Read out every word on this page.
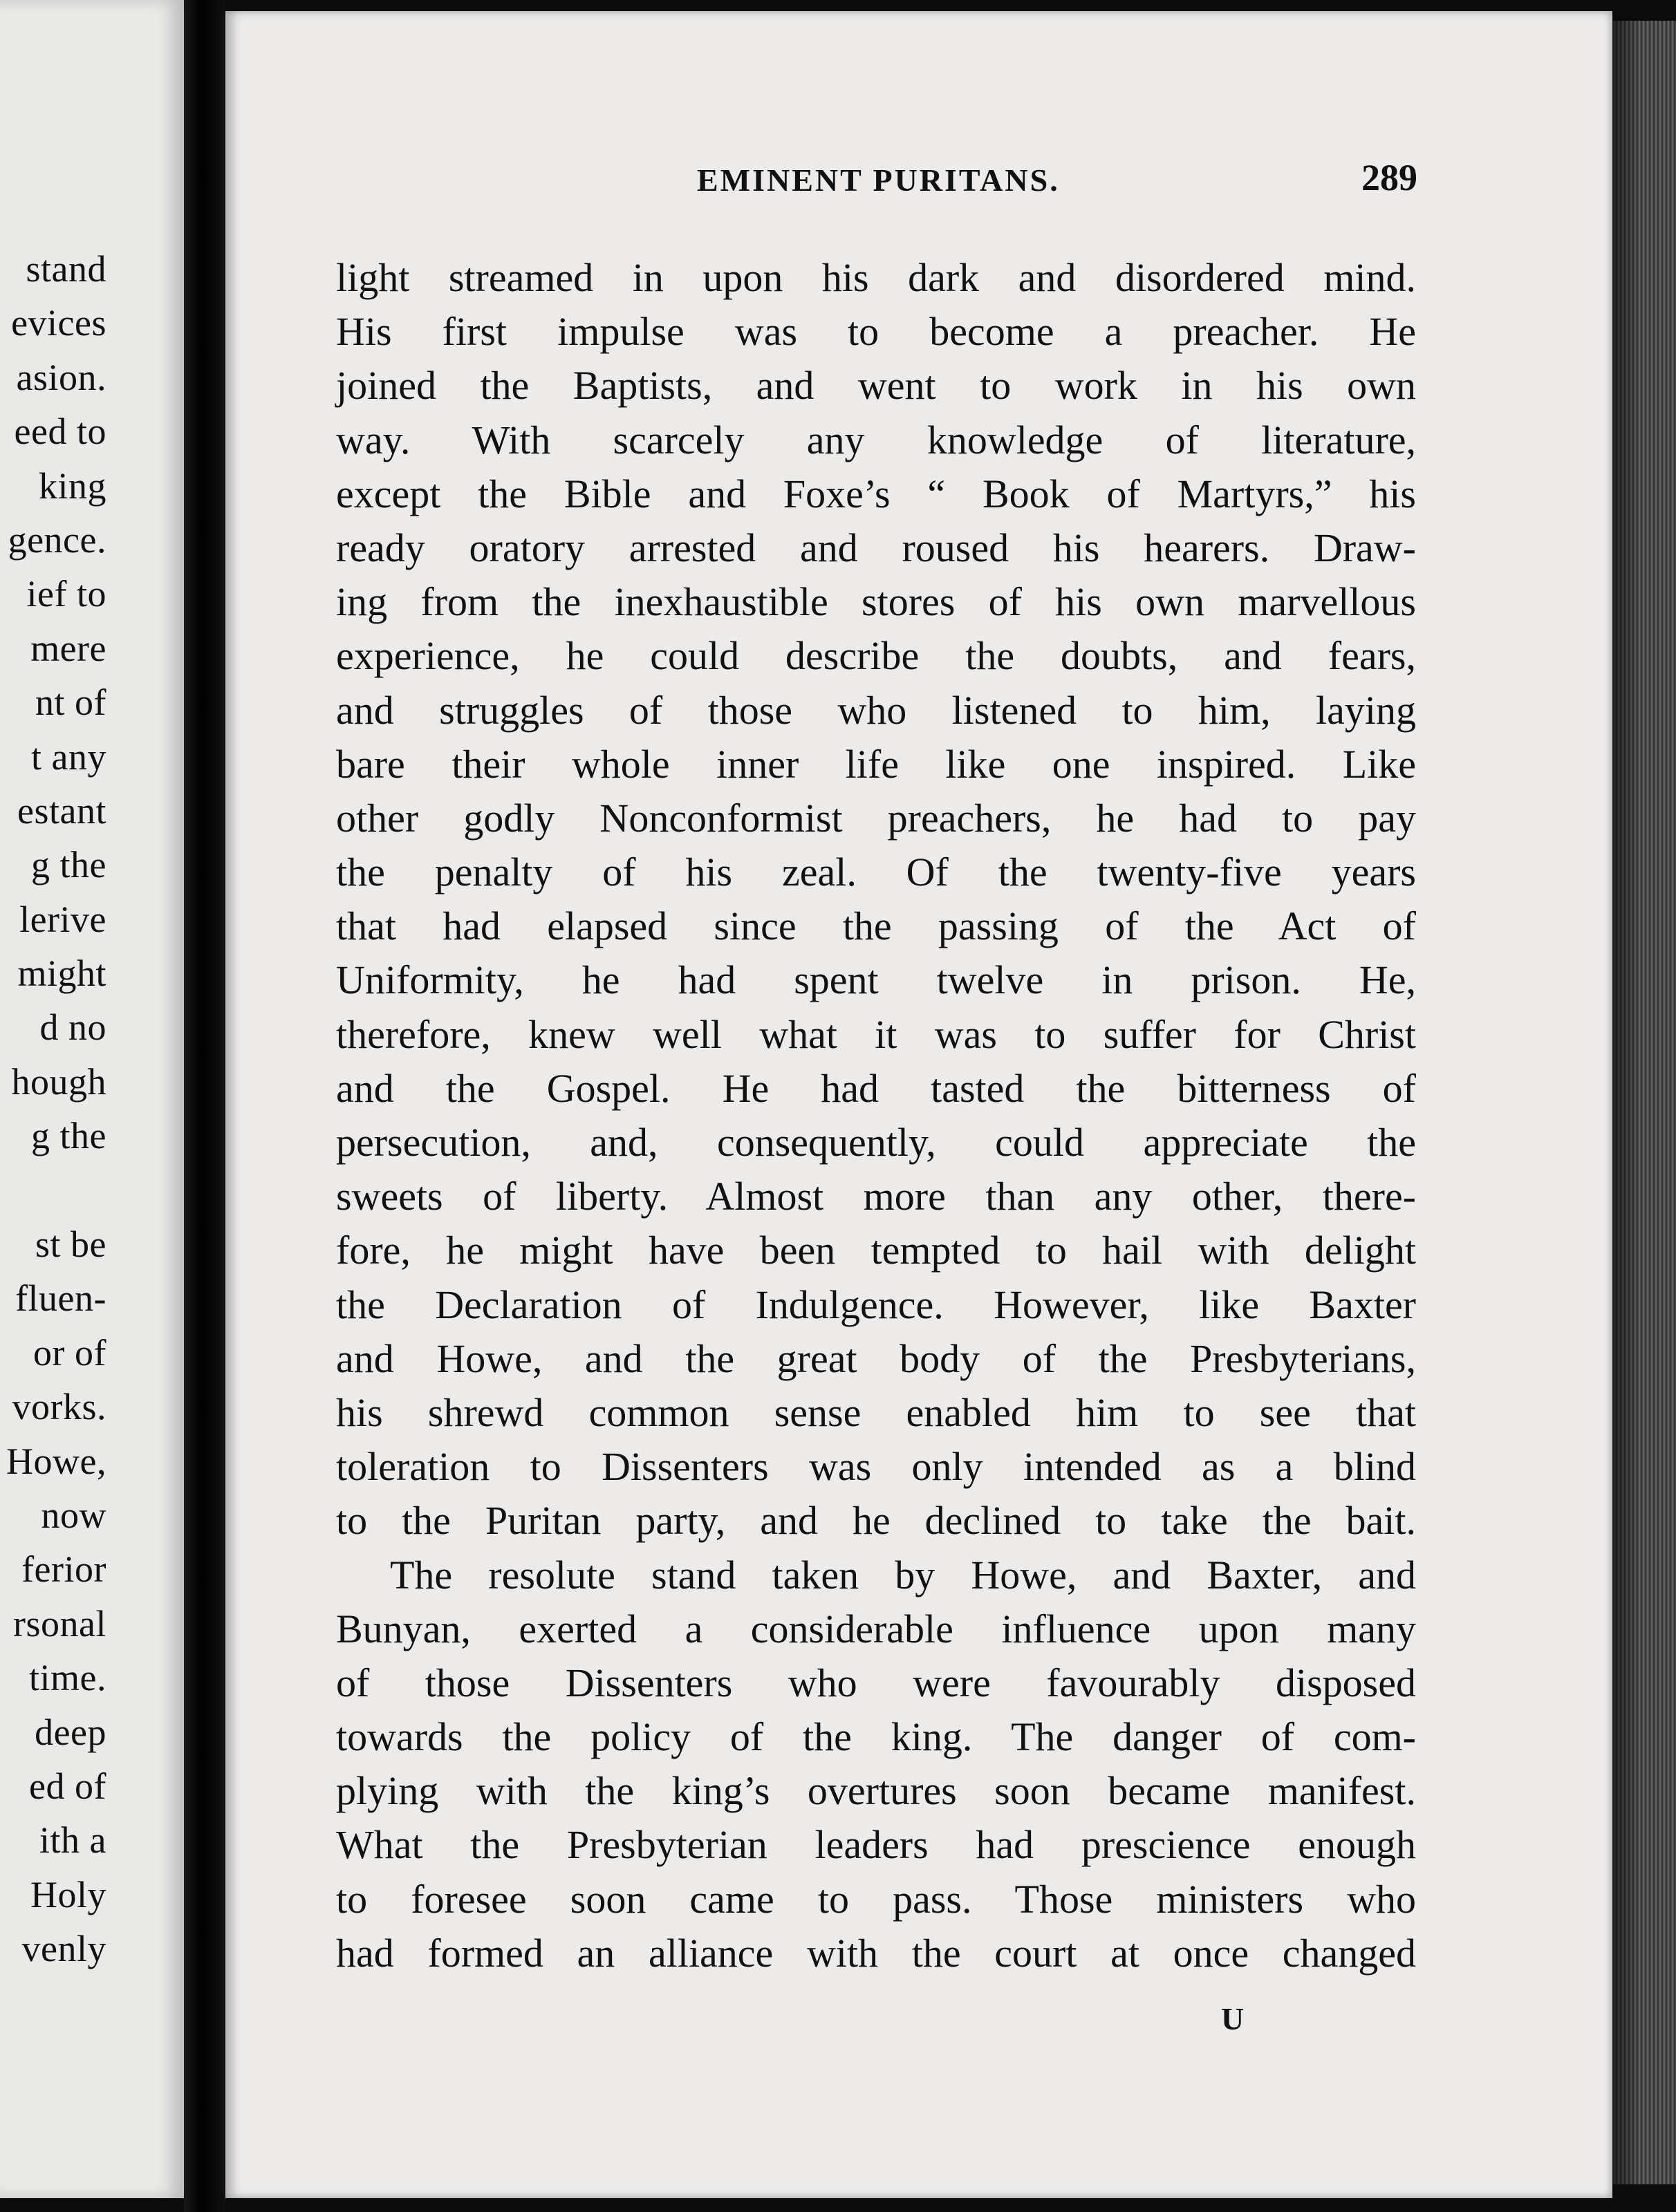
stand
evices
asion.
eed to
king
gence.
ief to
mere
nt of
t any
estant
g the
lerive
might
d no
hough
g the
st be
fluen-
or of
vorks.
Howe,
now
ferior
rsonal
time.
deep
ed of
ith a
Holy
venly
EMINENT PURITANS.	289
light streamed in upon his dark and disordered mind.
His first impulse was to become a preacher. He
joined the Baptists, and went to work in his own
way. With scarcely any knowledge of literature,
except the Bible and Foxe’s “ Book of Martyrs,” his
ready oratory arrested and roused his hearers. Draw-
ing from the inexhaustible stores of his own marvellous
experience, he could describe the doubts, and fears,
and struggles of those who listened to him, laying
bare their whole inner life like one inspired. Like
other godly Nonconformist preachers, he had to pay
the penalty of his zeal. Of the twenty-five years
that had elapsed since the passing of the Act of
Uniformity, he had spent twelve in prison. He,
therefore, knew well what it was to suffer for Christ
and the Gospel. He had tasted the bitterness of
persecution, and, consequently, could appreciate the
sweets of liberty. Almost more than any other, there-
fore, he might have been tempted to hail with delight
the Declaration of Indulgence. However, like Baxter
and Howe, and the great body of the Presbyterians,
his shrewd common sense enabled him to see that
toleration to Dissenters was only intended as a blind
to the Puritan party, and he declined to take the bait.
The resolute stand taken by Howe, and Baxter, and
Bunyan, exerted a considerable influence upon many
of those Dissenters who were favourably disposed
towards the policy of the king. The danger of com-
plying with the king’s overtures soon became manifest.
What the Presbyterian leaders had prescience enough
to foresee soon came to pass. Those ministers who
had formed an alliance with the court at once changed
U
